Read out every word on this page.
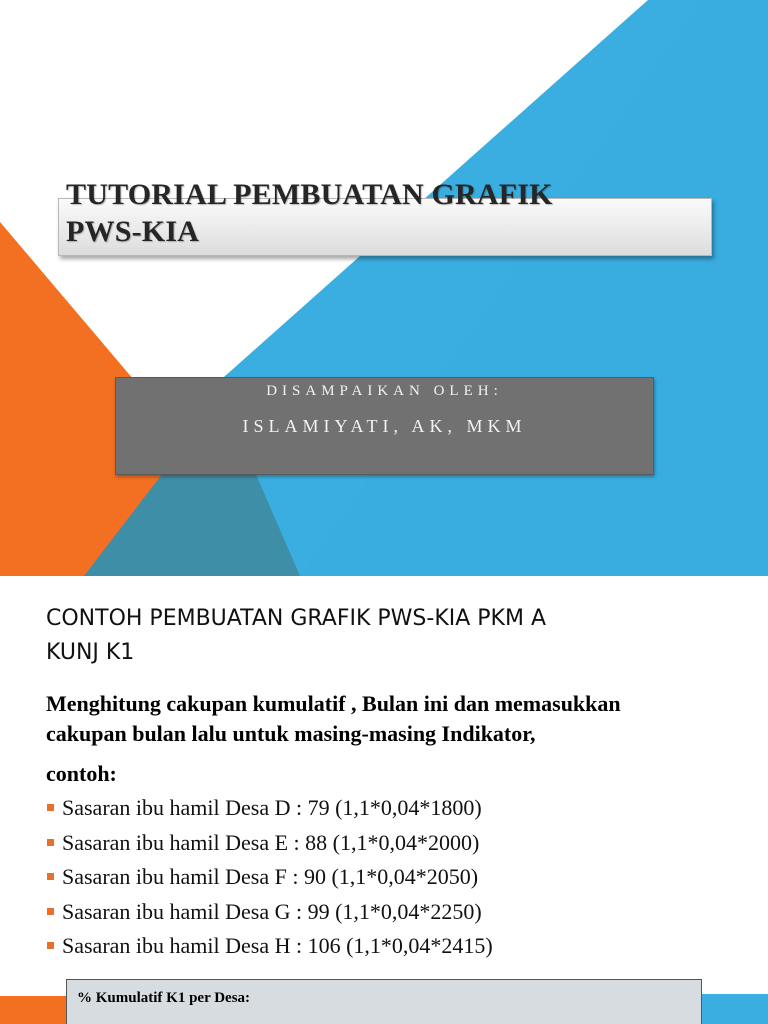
TUTORIAL PEMBUATAN GRAFIK
PWS-KIA
DISAMPAIKAN OLEH:
ISLAMIYATI, AK, MKM
CONTOH PEMBUATAN GRAFIK PWS-KIA PKM A
KUNJ K1
Menghitung cakupan kumulatif , Bulan ini dan memasukkan
cakupan bulan lalu untuk masing-masing Indikator,
contoh:
Sasaran ibu hamil Desa D : 79 (1,1*0,04*1800)
Sasaran ibu hamil Desa E : 88 (1,1*0,04*2000)
Sasaran ibu hamil Desa F : 90 (1,1*0,04*2050)
Sasaran ibu hamil Desa G : 99 (1,1*0,04*2250)
Sasaran ibu hamil Desa H : 106 (1,1*0,04*2415)
% Kumulatif K1 per Desa:
